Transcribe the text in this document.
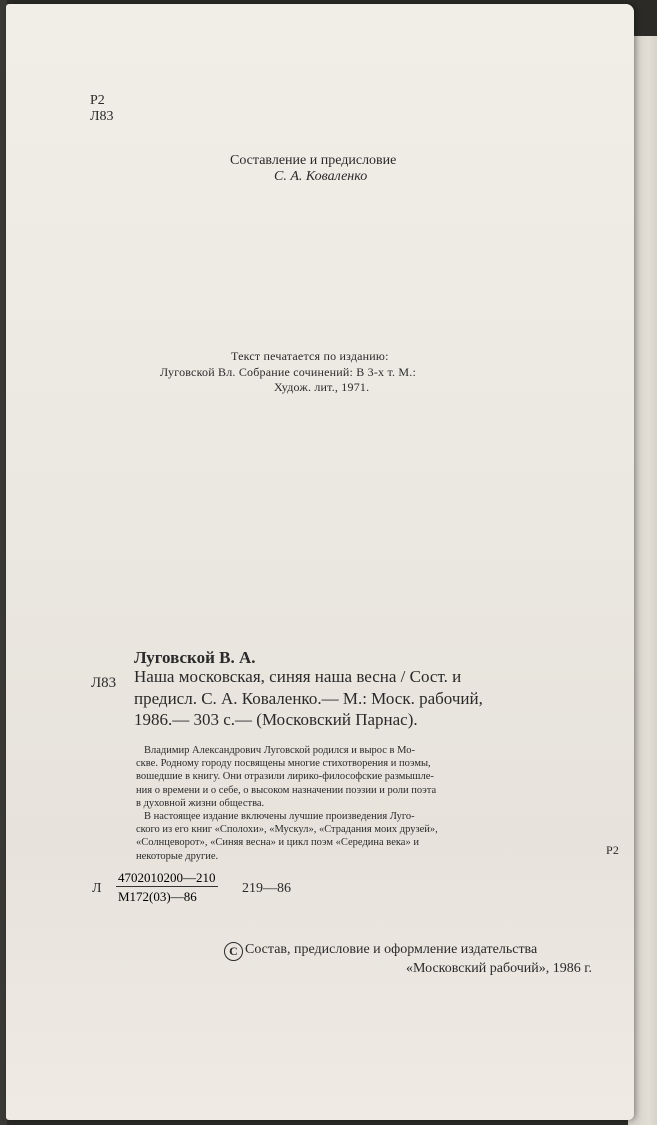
Р2
Л83
Составление и предисловие
С. А. Коваленко
Текст печатается по изданию:
Луговской Вл. Собрание сочинений: В 3-х т. М.:
Худож. лит., 1971.
Луговской В. А.
Л83 Наша московская, синяя наша весна / Сост. и
предисл. С. А. Коваленко.— М.: Моск. рабочий,
1986.— 303 с.— (Московский Парнас).
Владимир Александрович Луговской родился и вырос в Мо-
скве. Родному городу посвящены многие стихотворения и поэмы,
вошедшие в книгу. Они отразили лирико-философские размышле-
ния о времени и о себе, о высоком назначении поэзии и роли поэта
в духовной жизни общества.
В настоящее издание включены лучшие произведения Луго-
ского из его книг «Сполохи», «Мускул», «Страдания моих друзей»,
«Солнцеворот», «Синяя весна» и цикл поэм «Середина века» и
некоторые другие.	Р2
Л
4702010200—210
М172(03)—86
219—86
С Состав, предисловие и оформление издательства
«Московский рабочий», 1986 г.
